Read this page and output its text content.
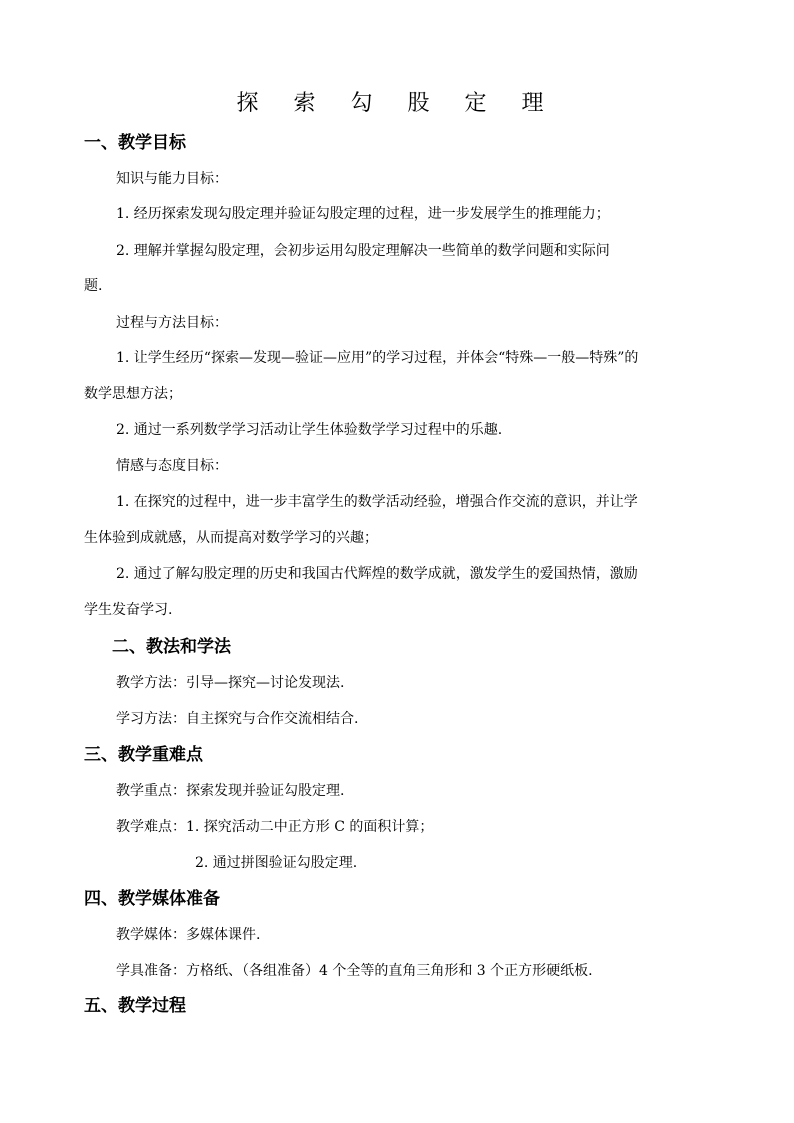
探 索 勾 股 定 理
一、教学目标
知识与能力目标：
1. 经历探索发现勾股定理并验证勾股定理的过程，进一步发展学生的推理能力；
2. 理解并掌握勾股定理，会初步运用勾股定理解决一些简单的数学问题和实际问
题.
过程与方法目标：
1. 让学生经历“探索—发现—验证—应用”的学习过程，并体会“特殊—一般—特殊”的
数学思想方法；
2. 通过一系列数学学习活动让学生体验数学学习过程中的乐趣.
情感与态度目标：
1. 在探究的过程中，进一步丰富学生的数学活动经验，增强合作交流的意识，并让学
生体验到成就感，从而提高对数学学习的兴趣；
2. 通过了解勾股定理的历史和我国古代辉煌的数学成就，激发学生的爱国热情，激励
学生发奋学习.
二、教法和学法
教学方法：引导—探究—讨论发现法.
学习方法：自主探究与合作交流相结合.
三、教学重难点
教学重点：探索发现并验证勾股定理.
教学难点：1. 探究活动二中正方形 C 的面积计算；
2. 通过拼图验证勾股定理.
四、教学媒体准备
教学媒体：多媒体课件.
学具准备：方格纸、（各组准备）4 个全等的直角三角形和 3 个正方形硬纸板.
五、教学过程
